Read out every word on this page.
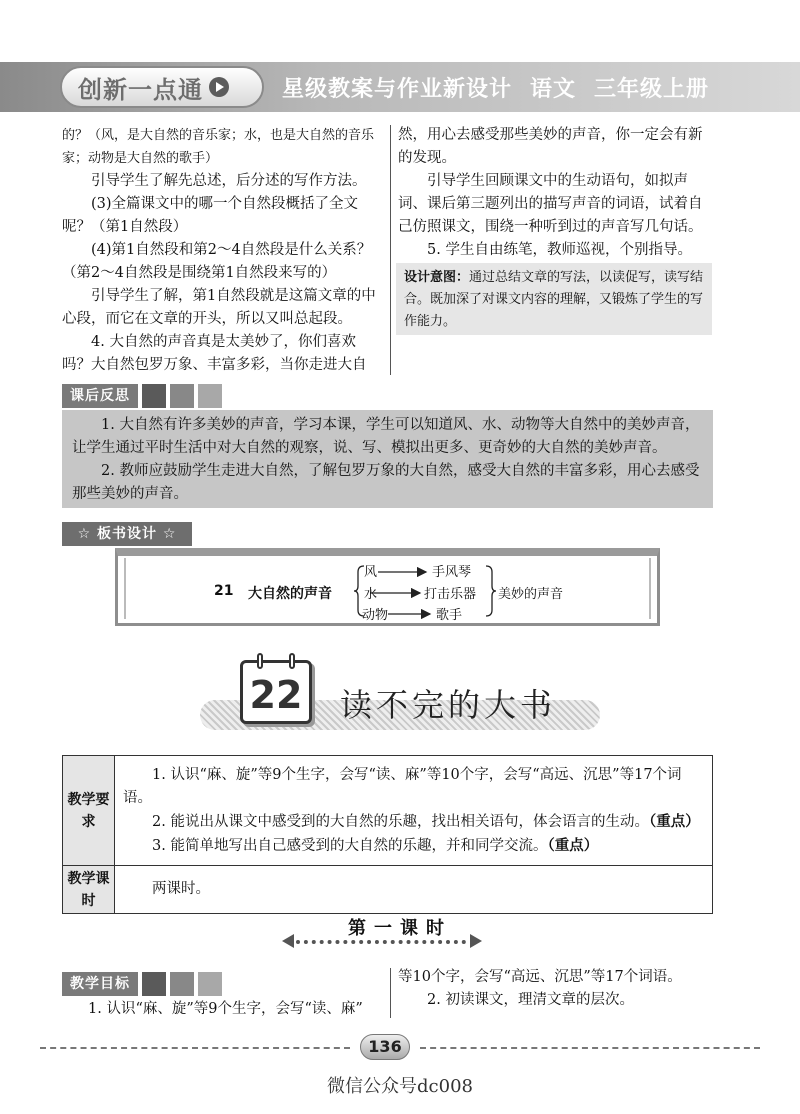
创新一点通	星级教案与作业新设计 语文 三年级上册

的？（风，是大自然的音乐家；水，也是大自然的音乐家；动物是大自然的歌手）

引导学生了解先总述，后分述的写作方法。

(3)全篇课文中的哪一个自然段概括了全文呢？（第1自然段）

(4)第1自然段和第2～4自然段是什么关系？（第2～4自然段是围绕第1自然段来写的）

引导学生了解，第1自然段就是这篇文章的中心段，而它在文章的开头，所以又叫总起段。

4. 大自然的声音真是太美妙了，你们喜欢吗？大自然包罗万象、丰富多彩，当你走进大自

然，用心去感受那些美妙的声音，你一定会有新的发现。

引导学生回顾课文中的生动语句，如拟声词、课后第三题列出的描写声音的词语，试着自己仿照课文，围绕一种听到过的声音写几句话。

5. 学生自由练笔，教师巡视，个别指导。

设计意图：通过总结文章的写法，以读促写，读写结合。既加深了对课文内容的理解，又锻炼了学生的写作能力。

课后反思

1. 大自然有许多美妙的声音，学习本课，学生可以知道风、水、动物等大自然中的美妙声音，让学生通过平时生活中对大自然的观察，说、写、模拟出更多、更奇妙的大自然的美妙声音。

2. 教师应鼓励学生走进大自然，了解包罗万象的大自然，感受大自然的丰富多彩，用心去感受那些美妙的声音。

☆ 板书设计 ☆
21 大自然的声音
风	手风琴
水	打击乐器
动物	歌手
美妙的声音
22 读不完的大书
教学要求	1. 认识“麻、旋”等9个生字，会写“读、麻”等10个字，会写“高远、沉思”等17个词语。

2. 能说出从课文中感受到的大自然的乐趣，找出相关语句，体会语言的生动。（重点）

3. 能简单地写出自己感受到的大自然的乐趣，并和同学交流。（重点）

教学课时	两课时。

第一课时
教学目标

1. 认识“麻、旋”等9个生字，会写“读、麻”

等10个字，会写“高远、沉思”等17个词语。

2. 初读课文，理清文章的层次。

136
微信公众号dc008
